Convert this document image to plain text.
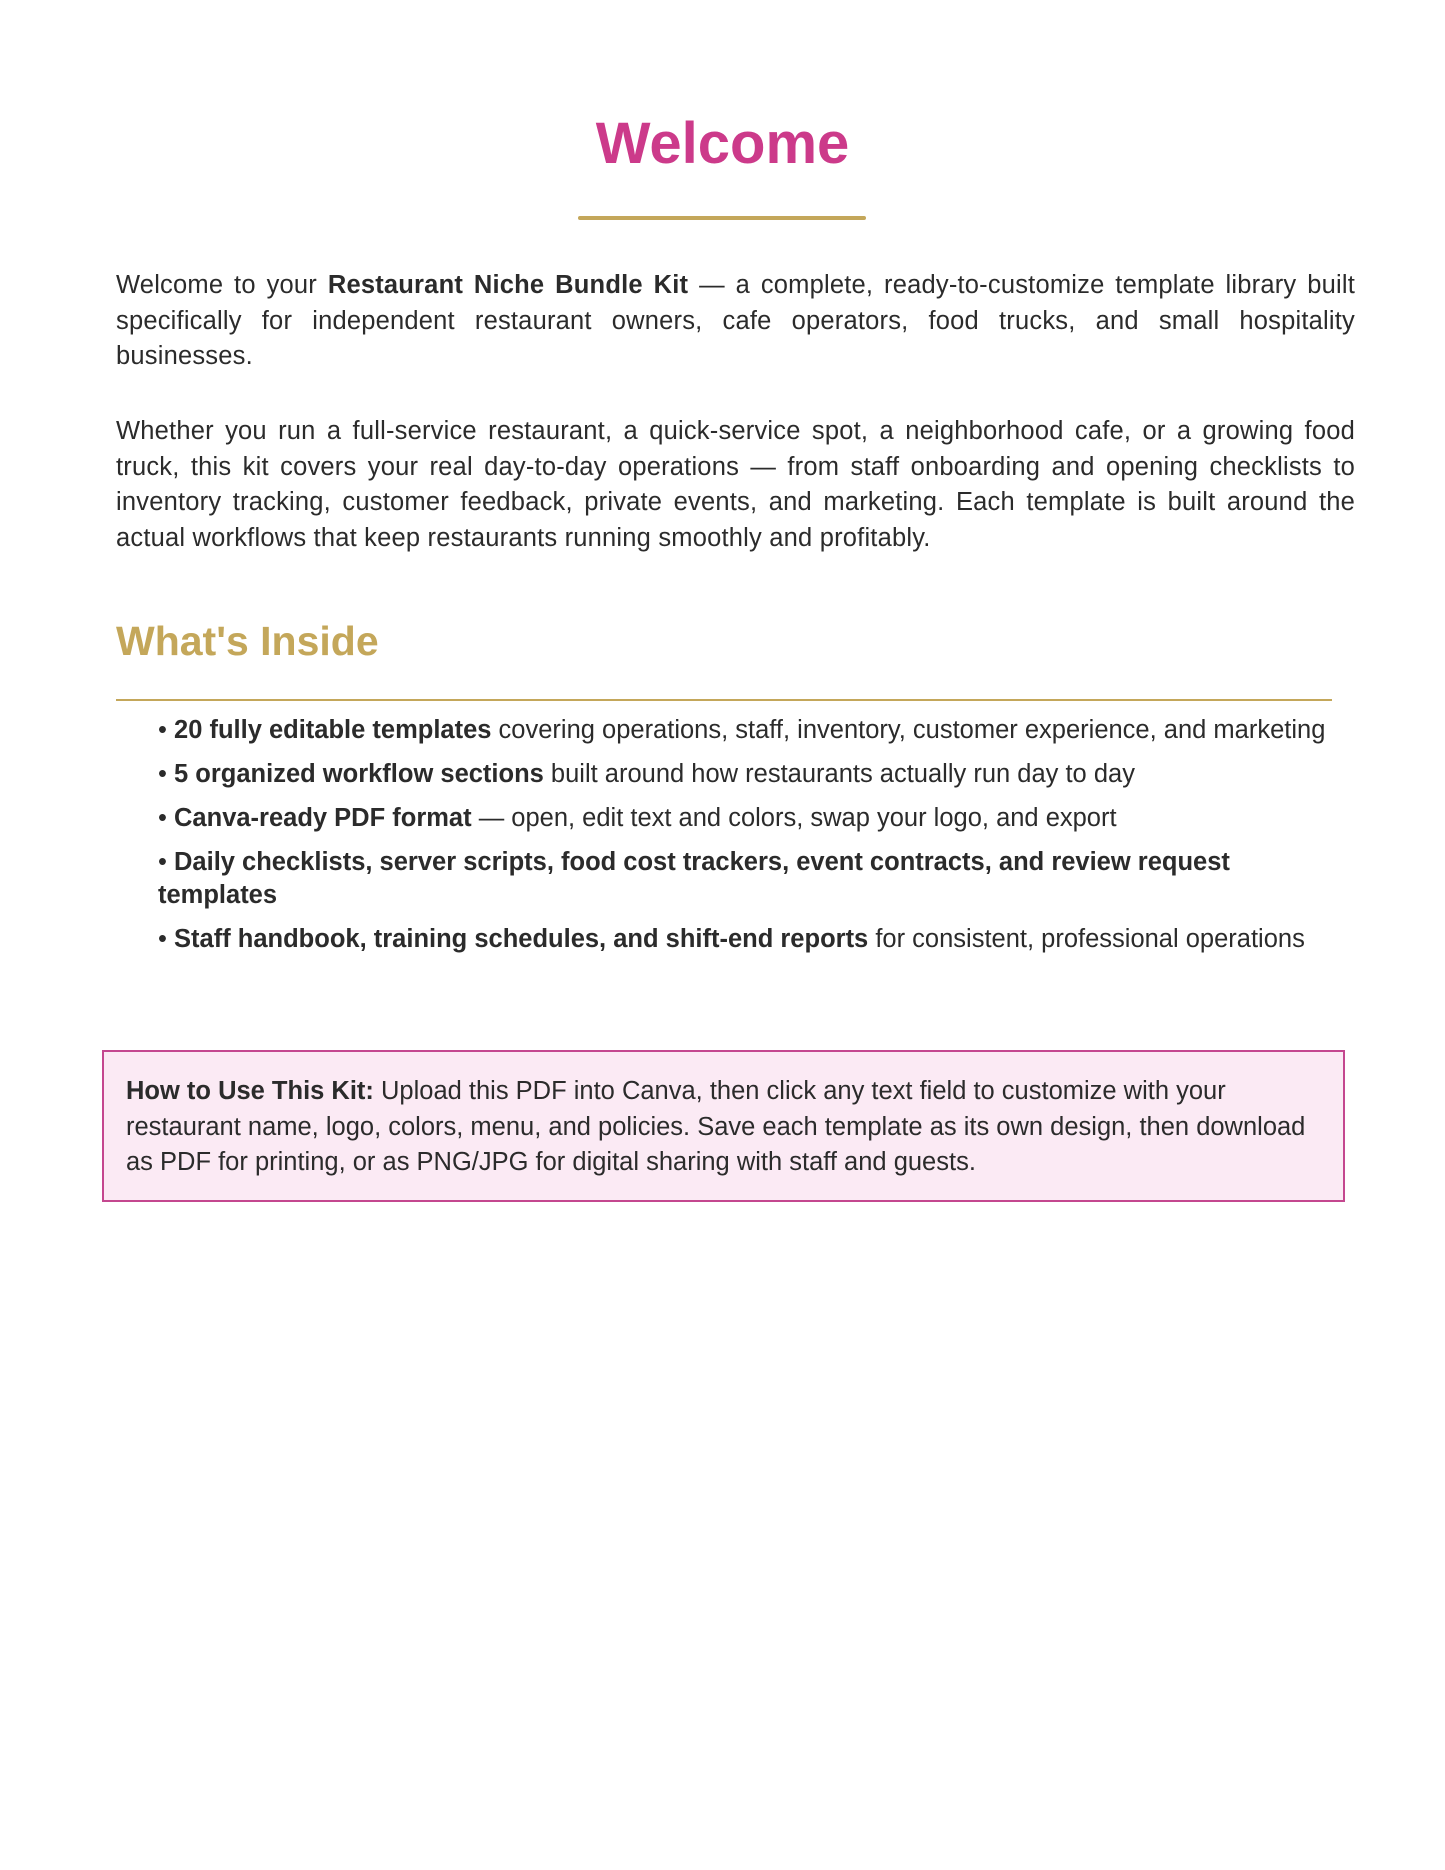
Welcome

Welcome to your Restaurant Niche Bundle Kit — a complete, ready-to-customize template library built specifically for independent restaurant owners, cafe operators, food trucks, and small hospitality businesses.

Whether you run a full-service restaurant, a quick-service spot, a neighborhood cafe, or a growing food truck, this kit covers your real day-to-day operations — from staff onboarding and opening checklists to inventory tracking, customer feedback, private events, and marketing. Each template is built around the actual workflows that keep restaurants running smoothly and profitably.

What's Inside
• 20 fully editable templates covering operations, staff, inventory, customer experience, and marketing
• 5 organized workflow sections built around how restaurants actually run day to day
• Canva-ready PDF format — open, edit text and colors, swap your logo, and export
• Daily checklists, server scripts, food cost trackers, event contracts, and review request templates
• Staff handbook, training schedules, and shift-end reports for consistent, professional operations

How to Use This Kit: Upload this PDF into Canva, then click any text field to customize with your restaurant name, logo, colors, menu, and policies. Save each template as its own design, then download as PDF for printing, or as PNG/JPG for digital sharing with staff and guests.
